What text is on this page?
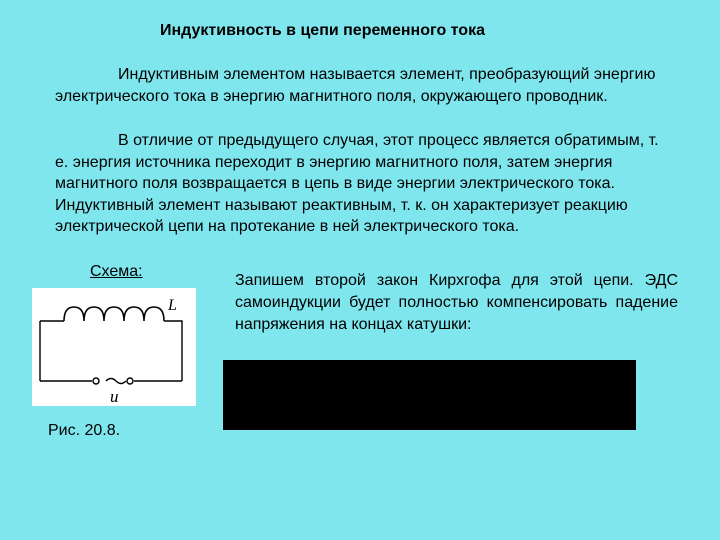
Индуктивность в цепи переменного тока

Индуктивным элементом называется элемент, преобразующий энергию электрического тока в энергию магнитного поля, окружающего проводник.

В отличие от предыдущего случая, этот процесс является обратимым, т. е. энергия источника переходит в энергию магнитного поля, затем энергия магнитного поля возвращается в цепь в виде энергии электрического тока. Индуктивный элемент называют реактивным, т. к. он характеризует реакцию электрической цепи на протекание в ней электрического тока.

Схема:
L
u

Запишем второй закон Кирхгофа для этой цепи. ЭДС самоиндукции будет полностью компенсировать падение напряжения на концах катушки:

Рис. 20.8.
